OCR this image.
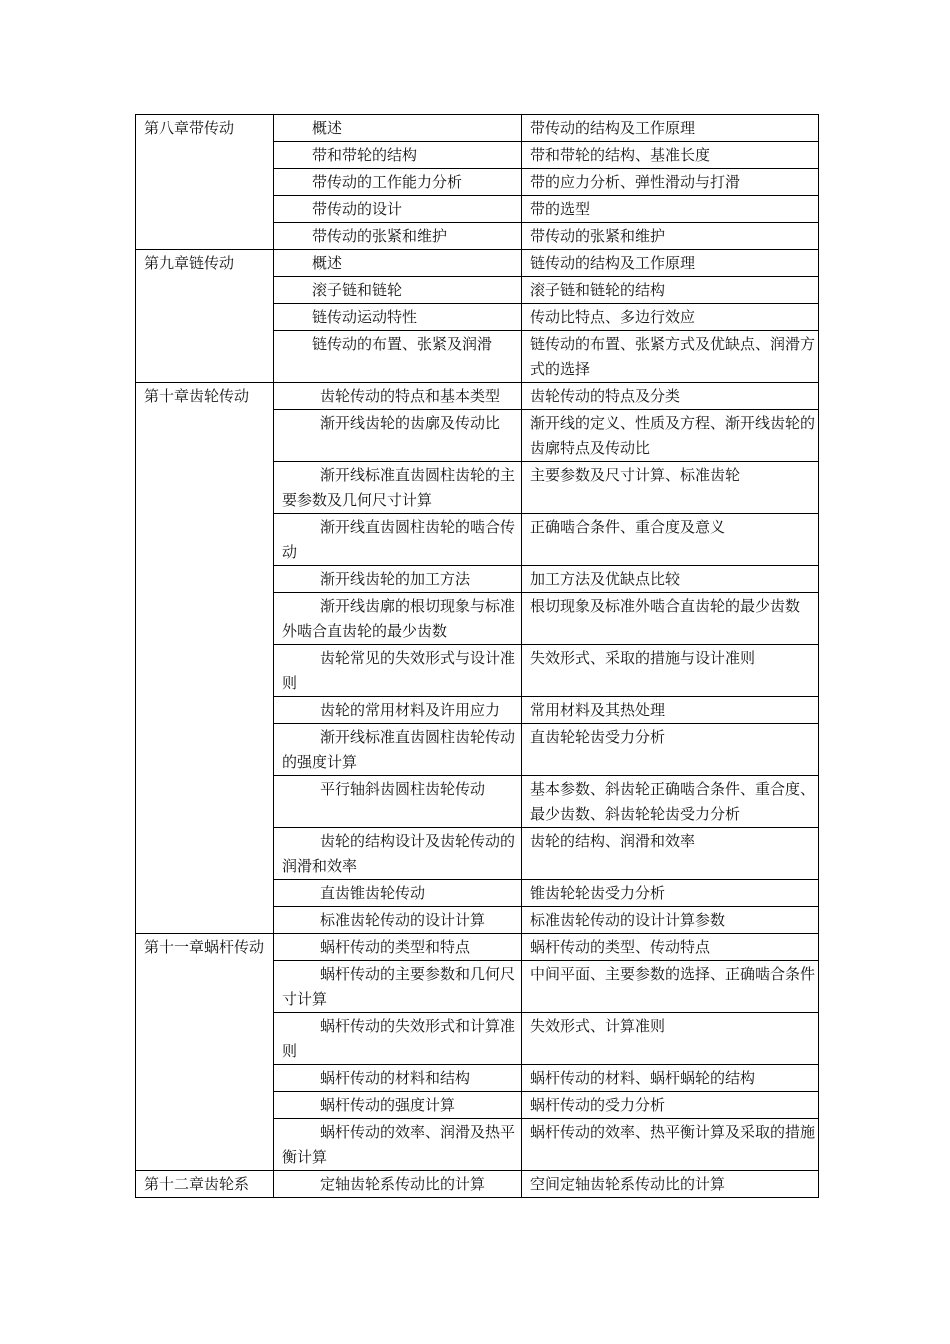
第八章带传动	概述	带传动的结构及工作原理
	带和带轮的结构	带和带轮的结构、基准长度
	带传动的工作能力分析	带的应力分析、弹性滑动与打滑
	带传动的设计	带的选型
	带传动的张紧和维护	带传动的张紧和维护
第九章链传动	概述	链传动的结构及工作原理
	滚子链和链轮	滚子链和链轮的结构
	链传动运动特性	传动比特点、多边行效应
	链传动的布置、张紧及润滑	链传动的布置、张紧方式及优缺点、润滑方式的选择
第十章齿轮传动	齿轮传动的特点和基本类型	齿轮传动的特点及分类
	渐开线齿轮的齿廓及传动比	渐开线的定义、性质及方程、渐开线齿轮的齿廓特点及传动比
	渐开线标准直齿圆柱齿轮的主要参数及几何尺寸计算	主要参数及尺寸计算、标准齿轮
	渐开线直齿圆柱齿轮的啮合传动	正确啮合条件、重合度及意义
	渐开线齿轮的加工方法	加工方法及优缺点比较
	渐开线齿廓的根切现象与标准外啮合直齿轮的最少齿数	根切现象及标准外啮合直齿轮的最少齿数
	齿轮常见的失效形式与设计准则	失效形式、采取的措施与设计准则
	齿轮的常用材料及许用应力	常用材料及其热处理
	渐开线标准直齿圆柱齿轮传动的强度计算	直齿轮轮齿受力分析
	平行轴斜齿圆柱齿轮传动	基本参数、斜齿轮正确啮合条件、重合度、最少齿数、斜齿轮轮齿受力分析
	齿轮的结构设计及齿轮传动的润滑和效率	齿轮的结构、润滑和效率
	直齿锥齿轮传动	锥齿轮轮齿受力分析
	标准齿轮传动的设计计算	标准齿轮传动的设计计算参数
第十一章蜗杆传动	蜗杆传动的类型和特点	蜗杆传动的类型、传动特点
	蜗杆传动的主要参数和几何尺寸计算	中间平面、主要参数的选择、正确啮合条件
	蜗杆传动的失效形式和计算准则	失效形式、计算准则
	蜗杆传动的材料和结构	蜗杆传动的材料、蜗杆蜗轮的结构
	蜗杆传动的强度计算	蜗杆传动的受力分析
	蜗杆传动的效率、润滑及热平衡计算	蜗杆传动的效率、热平衡计算及采取的措施
第十二章齿轮系	定轴齿轮系传动比的计算	空间定轴齿轮系传动比的计算
